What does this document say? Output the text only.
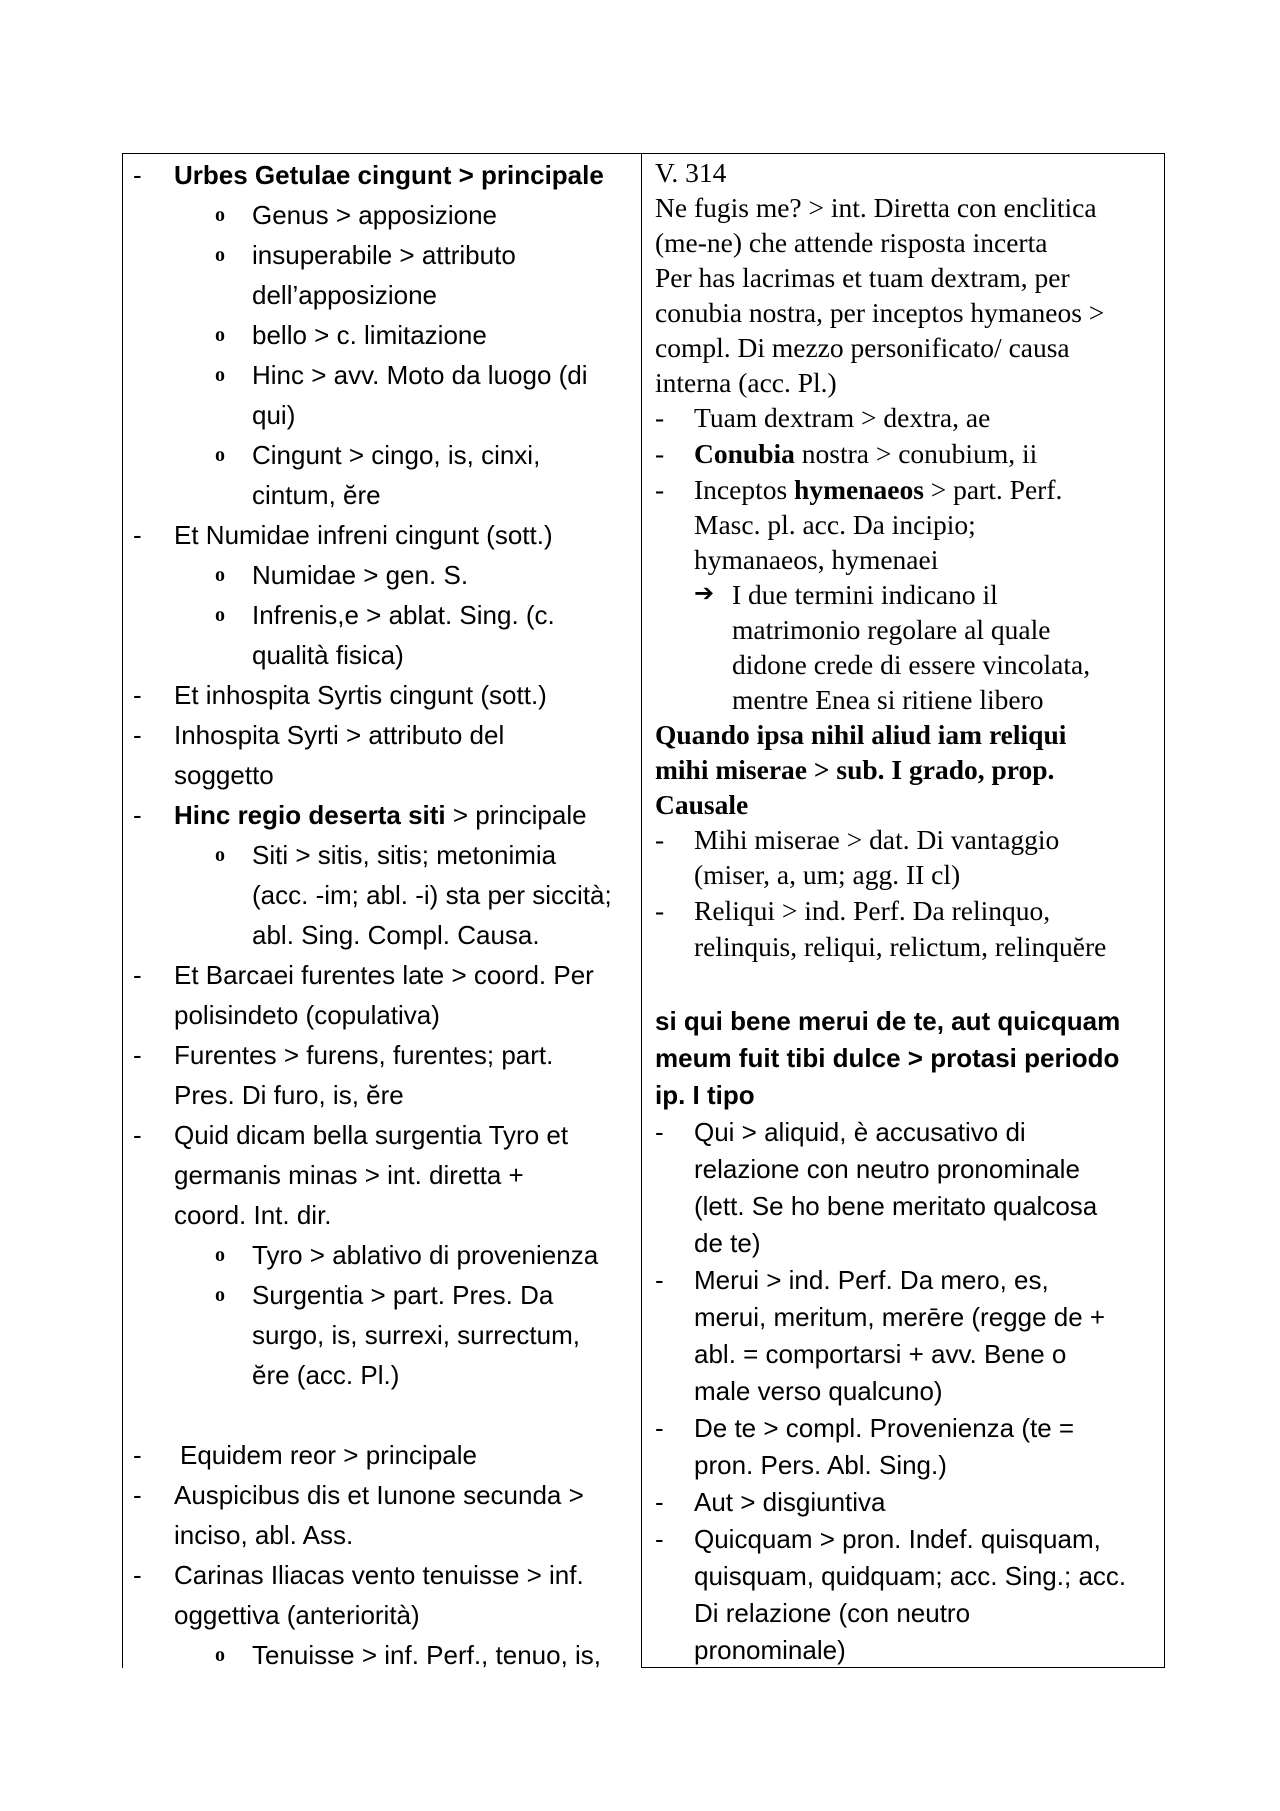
- Urbes Getulae cingunt > principale
o Genus > apposizione
o insuperabile > attributo
dell’apposizione
o bello > c. limitazione
o Hinc > avv. Moto da luogo (di
qui)
o Cingunt > cingo, is, cinxi,
cintum, ĕre
- Et Numidae infreni cingunt (sott.)
o Numidae > gen. S.
o Infrenis,e > ablat. Sing. (c.
qualità fisica)
- Et inhospita Syrtis cingunt (sott.)
- Inhospita Syrti > attributo del
soggetto
- Hinc regio deserta siti > principale
o Siti > sitis, sitis; metonimia
(acc. -im; abl. -i) sta per siccità;
abl. Sing. Compl. Causa.
- Et Barcaei furentes late > coord. Per
polisindeto (copulativa)
- Furentes > furens, furentes; part.
Pres. Di furo, is, ĕre
- Quid dicam bella surgentia Tyro et
germanis minas > int. diretta +
coord. Int. dir.
o Tyro > ablativo di provenienza
o Surgentia > part. Pres. Da
surgo, is, surrexi, surrectum,
ĕre (acc. Pl.)
- Equidem reor > principale
- Auspicibus dis et Iunone secunda >
inciso, abl. Ass.
- Carinas Iliacas vento tenuisse > inf.
oggettiva (anteriorità)
o Tenuisse > inf. Perf., tenuo, is,
V. 314
Ne fugis me? > int. Diretta con enclitica
(me-ne) che attende risposta incerta
Per has lacrimas et tuam dextram, per
conubia nostra, per inceptos hymaneos >
compl. Di mezzo personificato/ causa
interna (acc. Pl.)
- Tuam dextram > dextra, ae
- Conubia nostra > conubium, ii
- Inceptos hymenaeos > part. Perf.
Masc. pl. acc. Da incipio;
hymanaeos, hymenaei
➔ I due termini indicano il
matrimonio regolare al quale
didone crede di essere vincolata,
mentre Enea si ritiene libero
Quando ipsa nihil aliud iam reliqui
mihi miserae > sub. I grado, prop.
Causale
- Mihi miserae > dat. Di vantaggio
(miser, a, um; agg. II cl)
- Reliqui > ind. Perf. Da relinquo,
relinquis, reliqui, relictum, relinquĕre
si qui bene merui de te, aut quicquam
meum fuit tibi dulce > protasi periodo
ip. I tipo
- Qui > aliquid, è accusativo di
relazione con neutro pronominale
(lett. Se ho bene meritato qualcosa
de te)
- Merui > ind. Perf. Da mero, es,
merui, meritum, merēre (regge de +
abl. = comportarsi + avv. Bene o
male verso qualcuno)
- De te > compl. Provenienza (te =
pron. Pers. Abl. Sing.)
- Aut > disgiuntiva
- Quicquam > pron. Indef. quisquam,
quisquam, quidquam; acc. Sing.; acc.
Di relazione (con neutro
pronominale)
